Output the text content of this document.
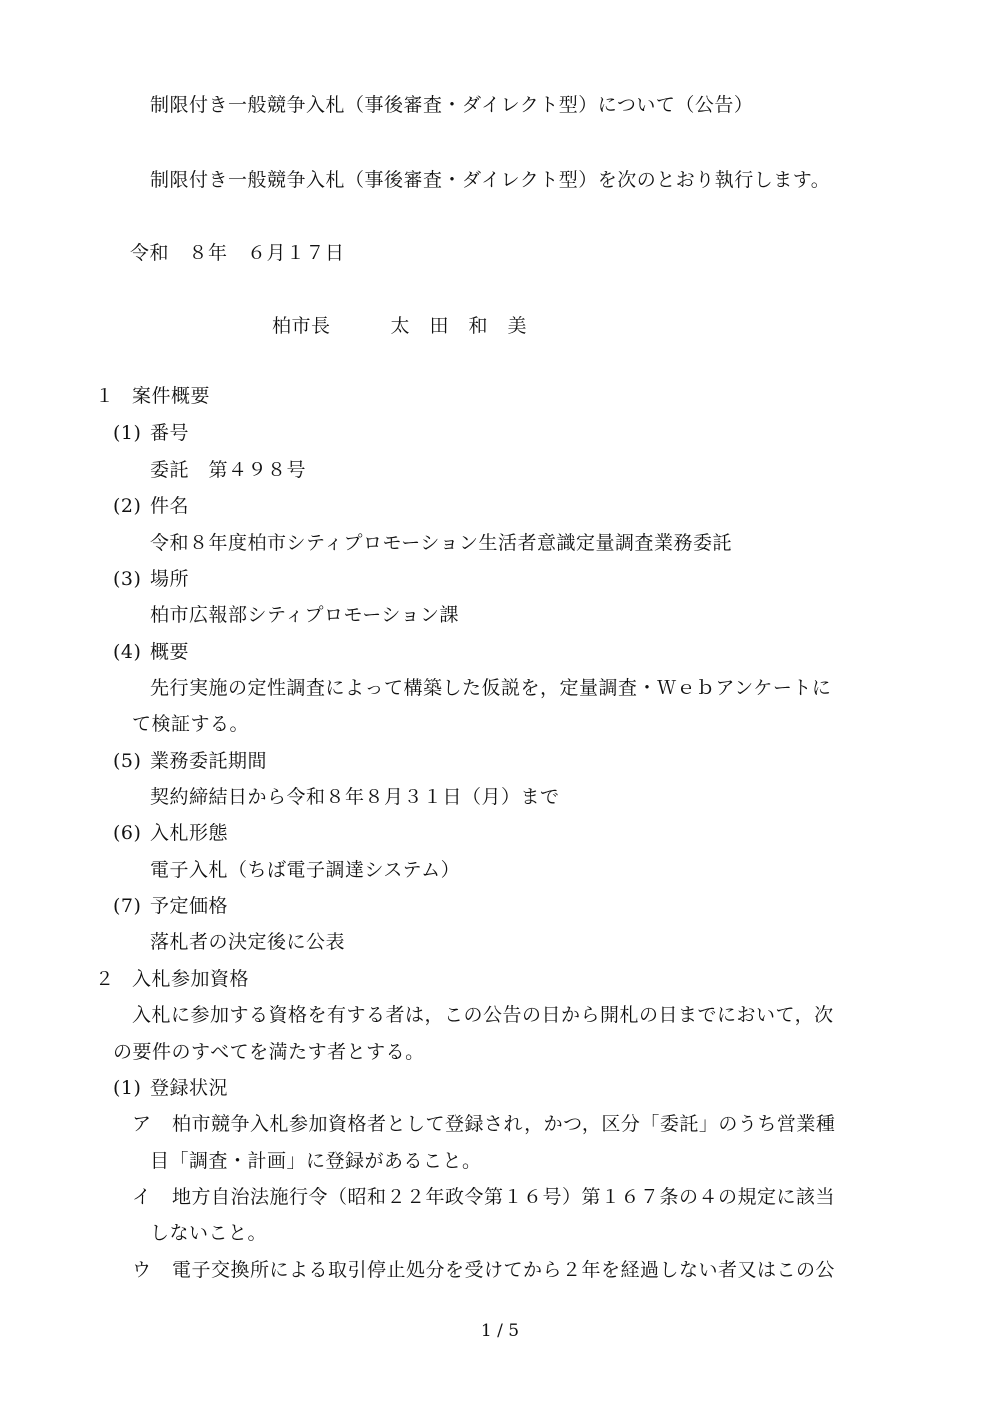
制限付き一般競争入札（事後審査・ダイレクト型）について（公告）
制限付き一般競争入札（事後審査・ダイレクト型）を次のとおり執行します。
令和　８年　６月１７日
柏市長	太　田　和　美
１ 案件概要
(1) 番号
委託　第４９８号
(2) 件名
令和８年度柏市シティプロモーション生活者意識定量調査業務委託
(3) 場所
柏市広報部シティプロモーション課
(4) 概要
先行実施の定性調査によって構築した仮説を，定量調査・Ｗｅｂアンケートに
て検証する。
(5) 業務委託期間
契約締結日から令和８年８月３１日（月）まで
(6) 入札形態
電子入札（ちば電子調達システム）
(7) 予定価格
落札者の決定後に公表
２ 入札参加資格
入札に参加する資格を有する者は，この公告の日から開札の日までにおいて，次
の要件のすべてを満たす者とする。
(1) 登録状況
ア 柏市競争入札参加資格者として登録され，かつ，区分「委託」のうち営業種
目「調査・計画」に登録があること。
イ 地方自治法施行令（昭和２２年政令第１６号）第１６７条の４の規定に該当
しないこと。
ウ 電子交換所による取引停止処分を受けてから２年を経過しない者又はこの公
1 / 5
